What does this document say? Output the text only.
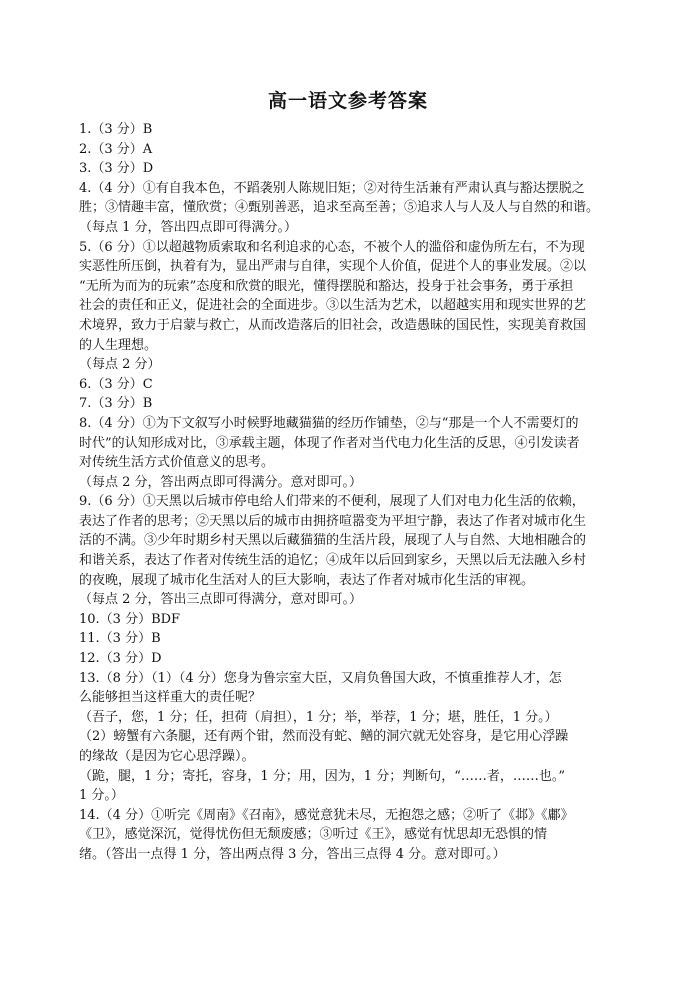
高一语文参考答案

1.（3 分）B

2.（3 分）A

3.（3 分）D

4.（4 分）①有自我本色，不蹈袭别人陈规旧矩；②对待生活兼有严肃认真与豁达摆脱之

胜；③情趣丰富，懂欣赏；④甄别善恶，追求至高至善；⑤追求人与人及人与自然的和谐。

（每点 1 分，答出四点即可得满分。）

5.（6 分）①以超越物质索取和名利追求的心态，不被个人的滥俗和虚伪所左右，不为现

实恶性所压倒，执着有为，显出严肃与自律，实现个人价值，促进个人的事业发展。②以

“无所为而为的玩索”态度和欣赏的眼光，懂得摆脱和豁达，投身于社会事务，勇于承担

社会的责任和正义，促进社会的全面进步。③以生活为艺术，以超越实用和现实世界的艺

术境界，致力于启蒙与救亡，从而改造落后的旧社会，改造愚昧的国民性，实现美育救国

的人生理想。

（每点 2 分）

6.（3 分）C

7.（3 分）B

8.（4 分）①为下文叙写小时候野地藏猫猫的经历作铺垫，②与“那是一个人不需要灯的

时代”的认知形成对比，③承载主题，体现了作者对当代电力化生活的反思，④引发读者

对传统生活方式价值意义的思考。

（每点 2 分，答出两点即可得满分。意对即可。）

9.（6 分）①天黑以后城市停电给人们带来的不便利，展现了人们对电力化生活的依赖，

表达了作者的思考；②天黑以后的城市由拥挤喧嚣变为平坦宁静，表达了作者对城市化生

活的不满。③少年时期乡村天黑以后藏猫猫的生活片段，展现了人与自然、大地相融合的

和谐关系，表达了作者对传统生活的追忆；④成年以后回到家乡，天黑以后无法融入乡村

的夜晚，展现了城市化生活对人的巨大影响，表达了作者对城市化生活的审视。

（每点 2 分，答出三点即可得满分，意对即可。）

10.（3 分）BDF

11.（3 分）B

12.（3 分）D

13.（8 分）（1）（4 分）您身为鲁宗室大臣，又肩负鲁国大政，不慎重推荐人才，怎

么能够担当这样重大的责任呢？

（吾子，您，1 分；任，担荷（肩担），1 分；举，举荐，1 分；堪，胜任，1 分。）

（2）螃蟹有六条腿，还有两个钳，然而没有蛇、鳝的洞穴就无处容身，是它用心浮躁

的缘故（是因为它心思浮躁）。

（跪，腿，1 分；寄托，容身，1 分；用，因为，1 分；判断句，“……者，……也。”

1 分。）

14.（4 分）①听完《周南》《召南》，感觉意犹未尽，无抱怨之感；②听了《邶》《鄘》

《卫》，感觉深沉，觉得忧伤但无颓废感；③听过《王》，感觉有忧思却无恐惧的情

绪。（答出一点得 1 分，答出两点得 3 分，答出三点得 4 分。意对即可。）
